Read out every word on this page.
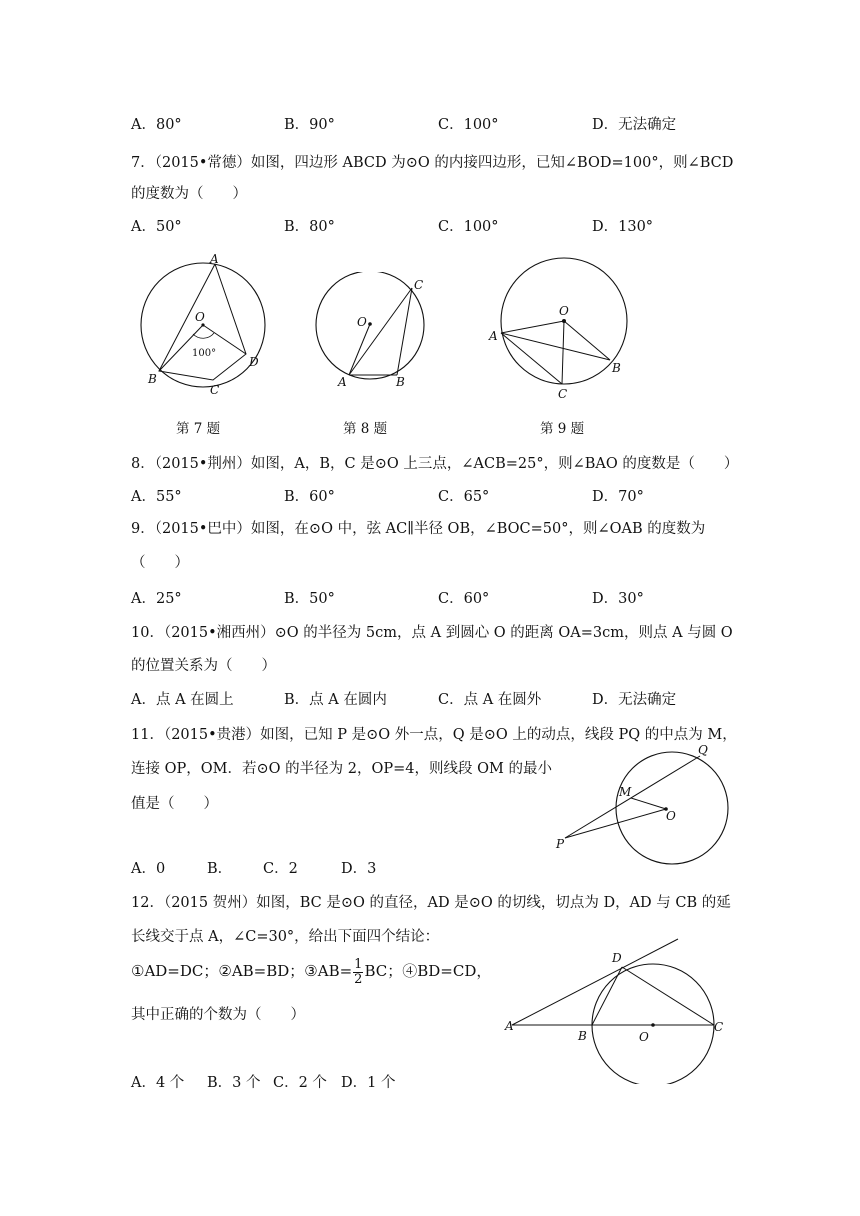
A．80°	B．90°	C．100°	D．无法确定
7．（2015•常德）如图，四边形 ABCD 为⊙O 的内接四边形，已知∠BOD=100°，则∠BCD
的度数为（　　）
A．50°	B．80°	C．100°	D．130°
A
O
100°
D
B
C
第 7 题
C
O
A	B
第 8 题
O
A
B
C
第 9 题
8．（2015•荆州）如图，A，B，C 是⊙O 上三点，∠ACB=25°，则∠BAO 的度数是（　　）
A．55°	B．60°	C．65°	D．70°
9．（2015•巴中）如图，在⊙O 中，弦 AC∥半径 OB，∠BOC=50°，则∠OAB 的度数为
（　　）
A．25°	B．50°	C．60°	D．30°
10．（2015•湘西州）⊙O 的半径为 5cm，点 A 到圆心 O 的距离 OA=3cm，则点 A 与圆 O
的位置关系为（　　）
A．点 A 在圆上	B．点 A 在圆内	C．点 A 在圆外	D．无法确定
11．（2015•贵港）如图，已知 P 是⊙O 外一点，Q 是⊙O 上的动点，线段 PQ 的中点为 M，
连接 OP，OM．若⊙O 的半径为 2，OP=4，则线段 OM 的最小
值是（　　）
Q
M
O
P
A．0	B． C．2	D．3
12．（2015 贺州）如图，BC 是⊙O 的直径，AD 是⊙O 的切线，切点为 D，AD 与 CB 的延
长线交于点 A，∠C=30°，给出下面四个结论：
①AD=DC；②AB=BD；③AB= $\frac{1}{2}$ BC；④BD=CD，
其中正确的个数为（　　）
D
A
B	O
C
A．4 个 B．3 个 C．2 个 D．1 个
